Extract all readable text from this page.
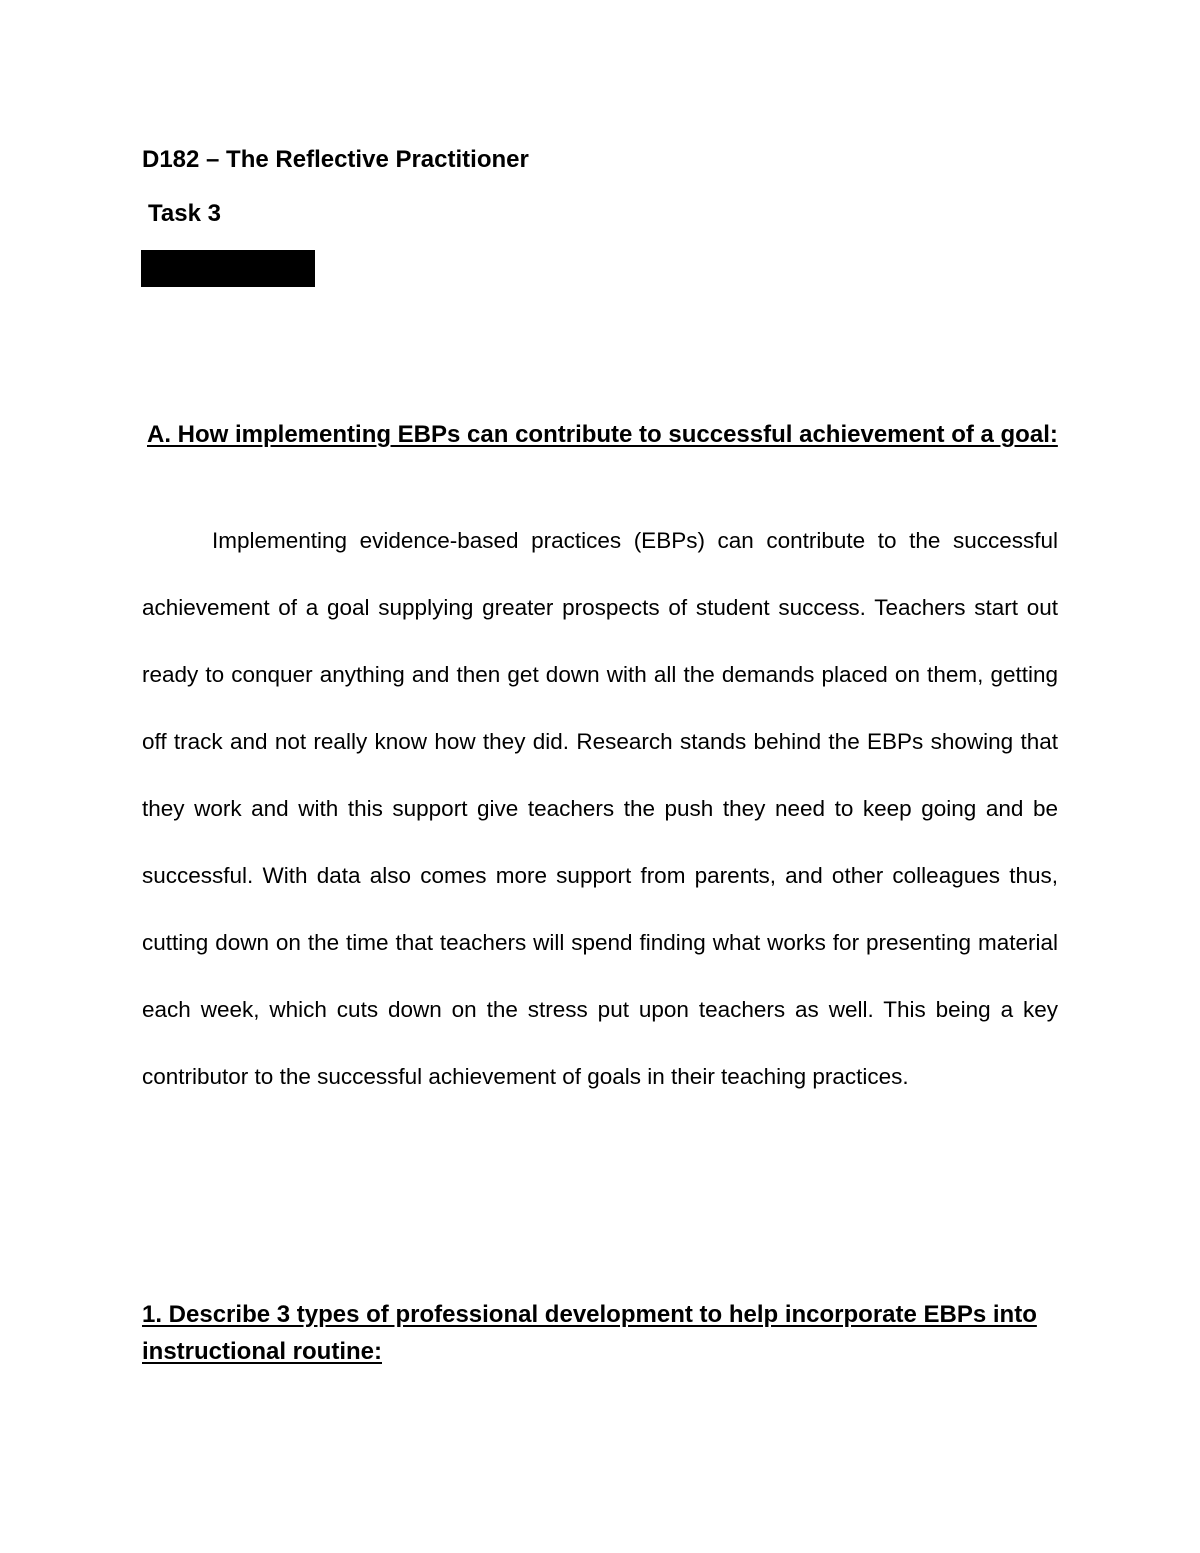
D182 – The Reflective Practitioner
Task 3
A. How implementing EBPs can contribute to successful achievement of a goal:

Implementing evidence-based practices (EBPs) can contribute to the successful achievement of a goal supplying greater prospects of student success. Teachers start out ready to conquer anything and then get down with all the demands placed on them, getting off track and not really know how they did. Research stands behind the EBPs showing that they work and with this support give teachers the push they need to keep going and be successful. With data also comes more support from parents, and other colleagues thus, cutting down on the time that teachers will spend finding what works for presenting material each week, which cuts down on the stress put upon teachers as well. This being a key contributor to the successful achievement of goals in their teaching practices.

1. Describe 3 types of professional development to help incorporate EBPs into instructional routine:
